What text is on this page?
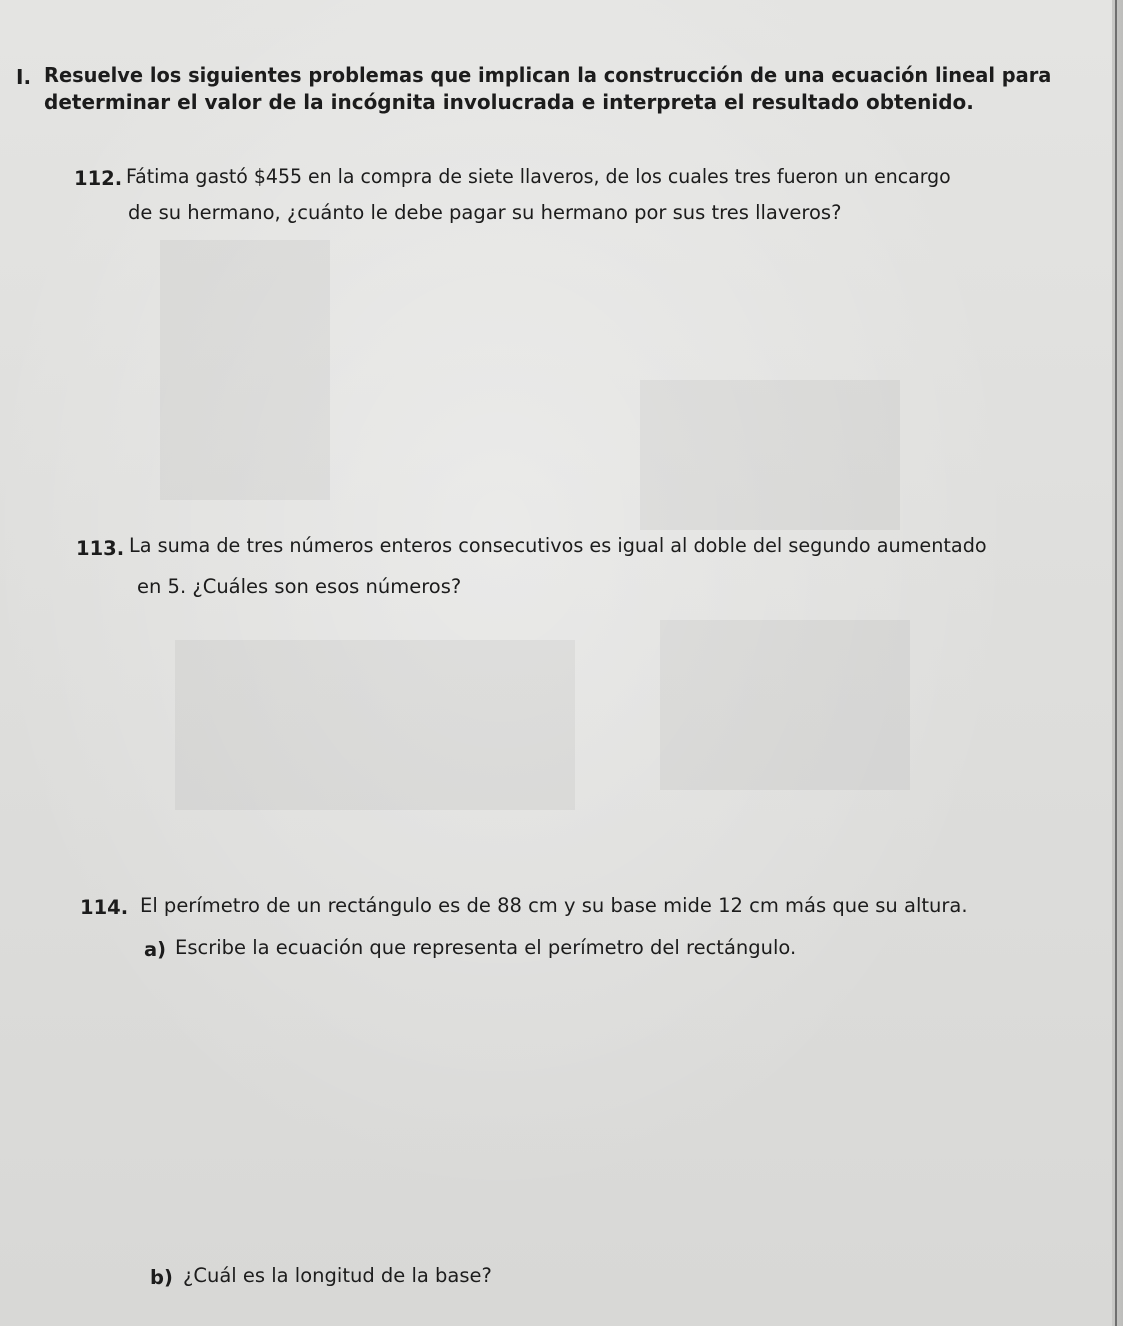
I. Resuelve los siguientes problemas que implican la construcción de una ecuación lineal para
determinar el valor de la incógnita involucrada e interpreta el resultado obtenido.
112. Fátima gastó $455 en la compra de siete llaveros, de los cuales tres fueron un encargo
de su hermano, ¿cuánto le debe pagar su hermano por sus tres llaveros?
113. La suma de tres números enteros consecutivos es igual al doble del segundo aumentado
en 5. ¿Cuáles son esos números?
114. El perímetro de un rectángulo es de 88 cm y su base mide 12 cm más que su altura.
a) Escribe la ecuación que representa el perímetro del rectángulo.
b) ¿Cuál es la longitud de la base?
